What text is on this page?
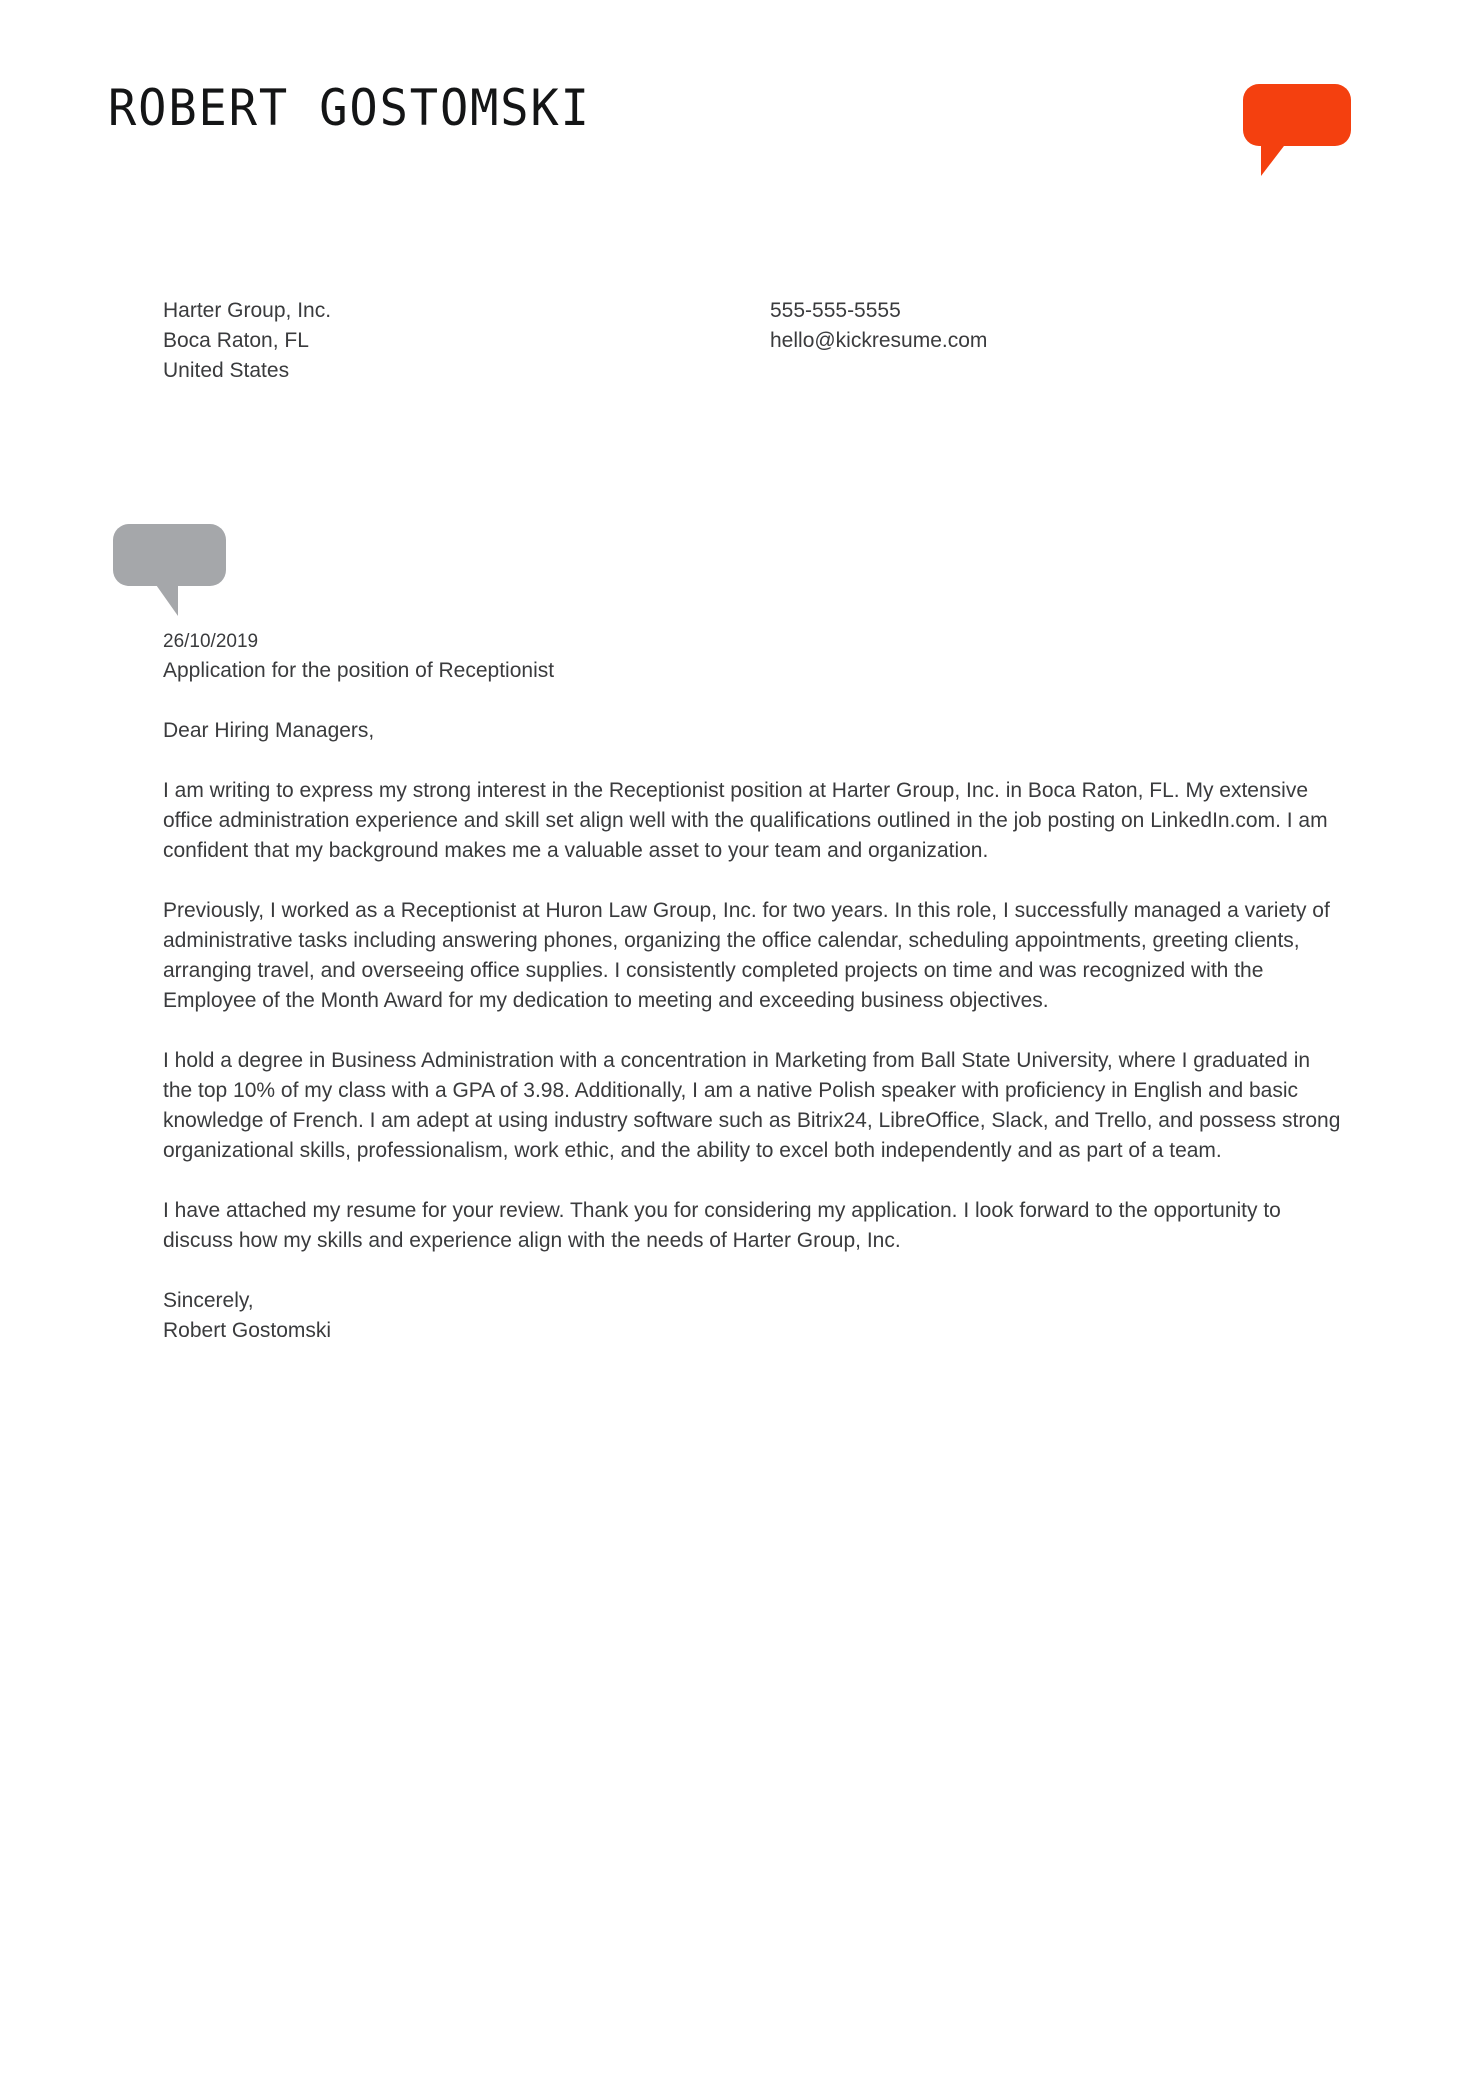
ROBERT GOSTOMSKI
Harter Group, Inc.
Boca Raton, FL
United States
555-555-5555
hello@kickresume.com
26/10/2019
Application for the position of Receptionist
Dear Hiring Managers,
I am writing to express my strong interest in the Receptionist position at Harter Group, Inc. in Boca Raton, FL. My extensive office administration experience and skill set align well with the qualifications outlined in the job posting on LinkedIn.com. I am confident that my background makes me a valuable asset to your team and organization.
Previously, I worked as a Receptionist at Huron Law Group, Inc. for two years. In this role, I successfully managed a variety of administrative tasks including answering phones, organizing the office calendar, scheduling appointments, greeting clients, arranging travel, and overseeing office supplies. I consistently completed projects on time and was recognized with the Employee of the Month Award for my dedication to meeting and exceeding business objectives.
I hold a degree in Business Administration with a concentration in Marketing from Ball State University, where I graduated in the top 10% of my class with a GPA of 3.98. Additionally, I am a native Polish speaker with proficiency in English and basic knowledge of French. I am adept at using industry software such as Bitrix24, LibreOffice, Slack, and Trello, and possess strong organizational skills, professionalism, work ethic, and the ability to excel both independently and as part of a team.
I have attached my resume for your review. Thank you for considering my application. I look forward to the opportunity to discuss how my skills and experience align with the needs of Harter Group, Inc.
Sincerely,
Robert Gostomski
